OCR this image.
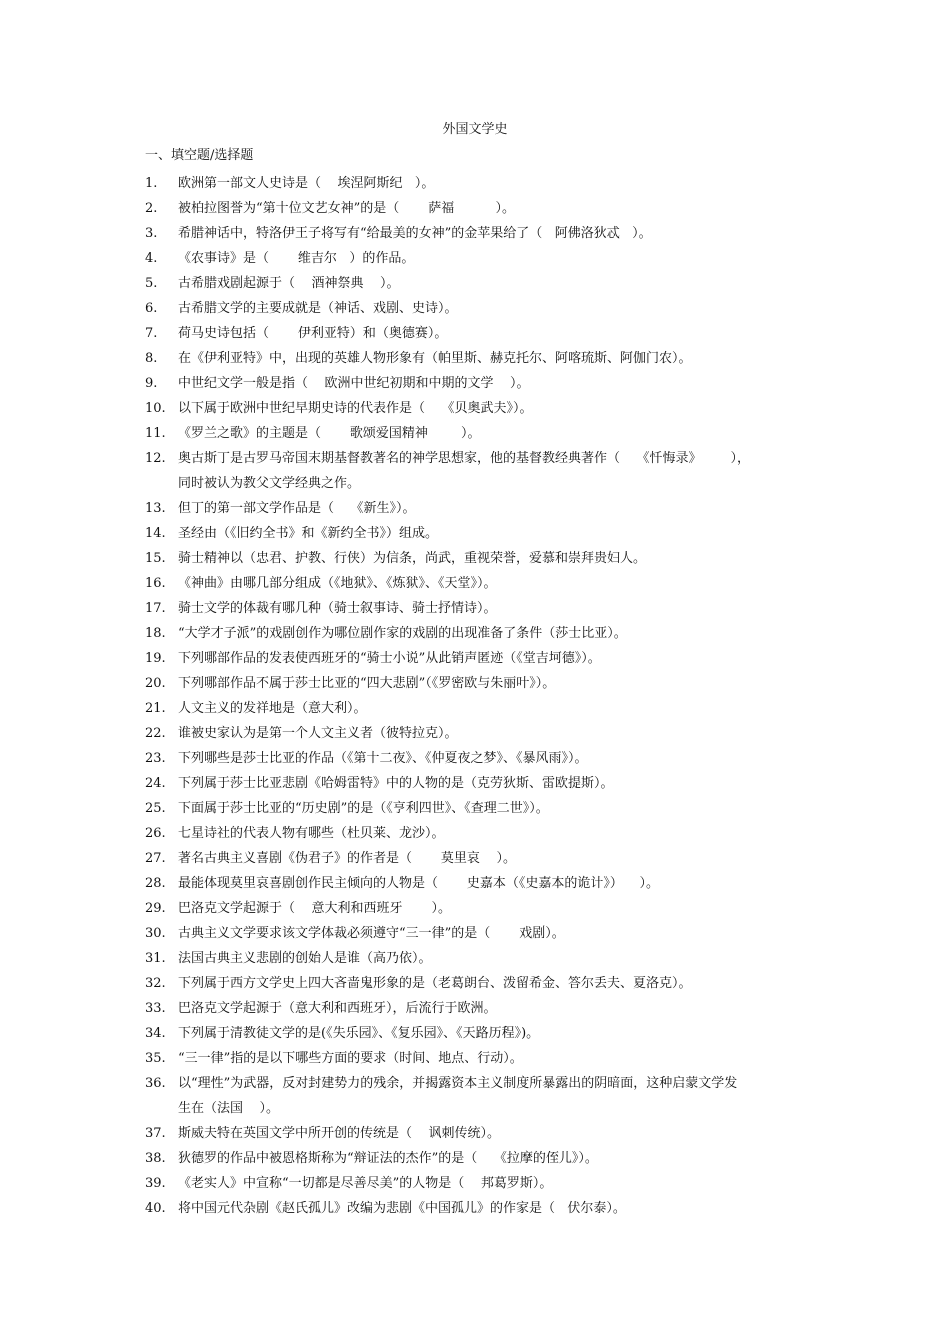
外国文学史
一、填空题/选择题
1. 欧洲第一部文人史诗是（    埃涅阿斯纪   ）。
2. 被柏拉图誉为“第十位文艺女神”的是（       萨福          ）。
3. 希腊神话中，特洛伊王子将写有“给最美的女神”的金苹果给了（   阿佛洛狄忒   ）。
4. 《农事诗》是（       维吉尔   ）的作品。
5. 古希腊戏剧起源于（    酒神祭典    ）。
6. 古希腊文学的主要成就是（神话、戏剧、史诗）。
7. 荷马史诗包括（       伊利亚特）和（奥德赛）。
8. 在《伊利亚特》中，出现的英雄人物形象有（帕里斯、赫克托尔、阿喀琉斯、阿伽门农）。
9. 中世纪文学一般是指（    欧洲中世纪初期和中期的文学    ）。
10. 以下属于欧洲中世纪早期史诗的代表作是（    《贝奥武夫》）。
11. 《罗兰之歌》的主题是（       歌颂爱国精神        ）。
12. 奥古斯丁是古罗马帝国末期基督教著名的神学思想家，他的基督教经典著作（    《忏悔录》       ），
同时被认为教父文学经典之作。
13. 但丁的第一部文学作品是（    《新生》）。
14. 圣经由（《旧约全书》和《新约全书》）组成。
15. 骑士精神以（忠君、护教、行侠）为信条，尚武，重视荣誉，爱慕和崇拜贵妇人。
16. 《神曲》由哪几部分组成（《地狱》、《炼狱》、《天堂》）。
17. 骑士文学的体裁有哪几种（骑士叙事诗、骑士抒情诗）。
18. “大学才子派”的戏剧创作为哪位剧作家的戏剧的出现准备了条件（莎士比亚）。
19. 下列哪部作品的发表使西班牙的“骑士小说”从此销声匿迹（《堂吉坷德》）。
20. 下列哪部作品不属于莎士比亚的“四大悲剧”（《罗密欧与朱丽叶》）。
21. 人文主义的发祥地是（意大利）。
22. 谁被史家认为是第一个人文主义者（彼特拉克）。
23. 下列哪些是莎士比亚的作品（《第十二夜》、《仲夏夜之梦》、《暴风雨》）。
24. 下列属于莎士比亚悲剧《哈姆雷特》中的人物的是（克劳狄斯、雷欧提斯）。
25. 下面属于莎士比亚的“历史剧”的是（《亨利四世》、《查理二世》）。
26. 七星诗社的代表人物有哪些（杜贝莱、龙沙）。
27. 著名古典主义喜剧《伪君子》的作者是（       莫里哀    ）。
28. 最能体现莫里哀喜剧创作民主倾向的人物是（       史嘉本（《史嘉本的诡计》）    ）。
29. 巴洛克文学起源于（    意大利和西班牙       ）。
30. 古典主义文学要求该文学体裁必须遵守“三一律”的是（       戏剧）。
31. 法国古典主义悲剧的创始人是谁（高乃依）。
32. 下列属于西方文学史上四大吝啬鬼形象的是（老葛朗台、泼留希金、答尔丢夫、夏洛克）。
33. 巴洛克文学起源于（意大利和西班牙），后流行于欧洲。
34. 下列属于清教徒文学的是(《失乐园》、《复乐园》、《天路历程》)。
35. “三一律”指的是以下哪些方面的要求（时间、地点、行动）。
36. 以“理性”为武器，反对封建势力的残余，并揭露资本主义制度所暴露出的阴暗面，这种启蒙文学发
生在（法国    ）。
37. 斯威夫特在英国文学中所开创的传统是（    讽刺传统）。
38. 狄德罗的作品中被恩格斯称为“辩证法的杰作”的是（    《拉摩的侄儿》）。
39. 《老实人》中宣称“一切都是尽善尽美”的人物是（    邦葛罗斯）。
40. 将中国元代杂剧《赵氏孤儿》改编为悲剧《中国孤儿》的作家是（   伏尔泰）。
